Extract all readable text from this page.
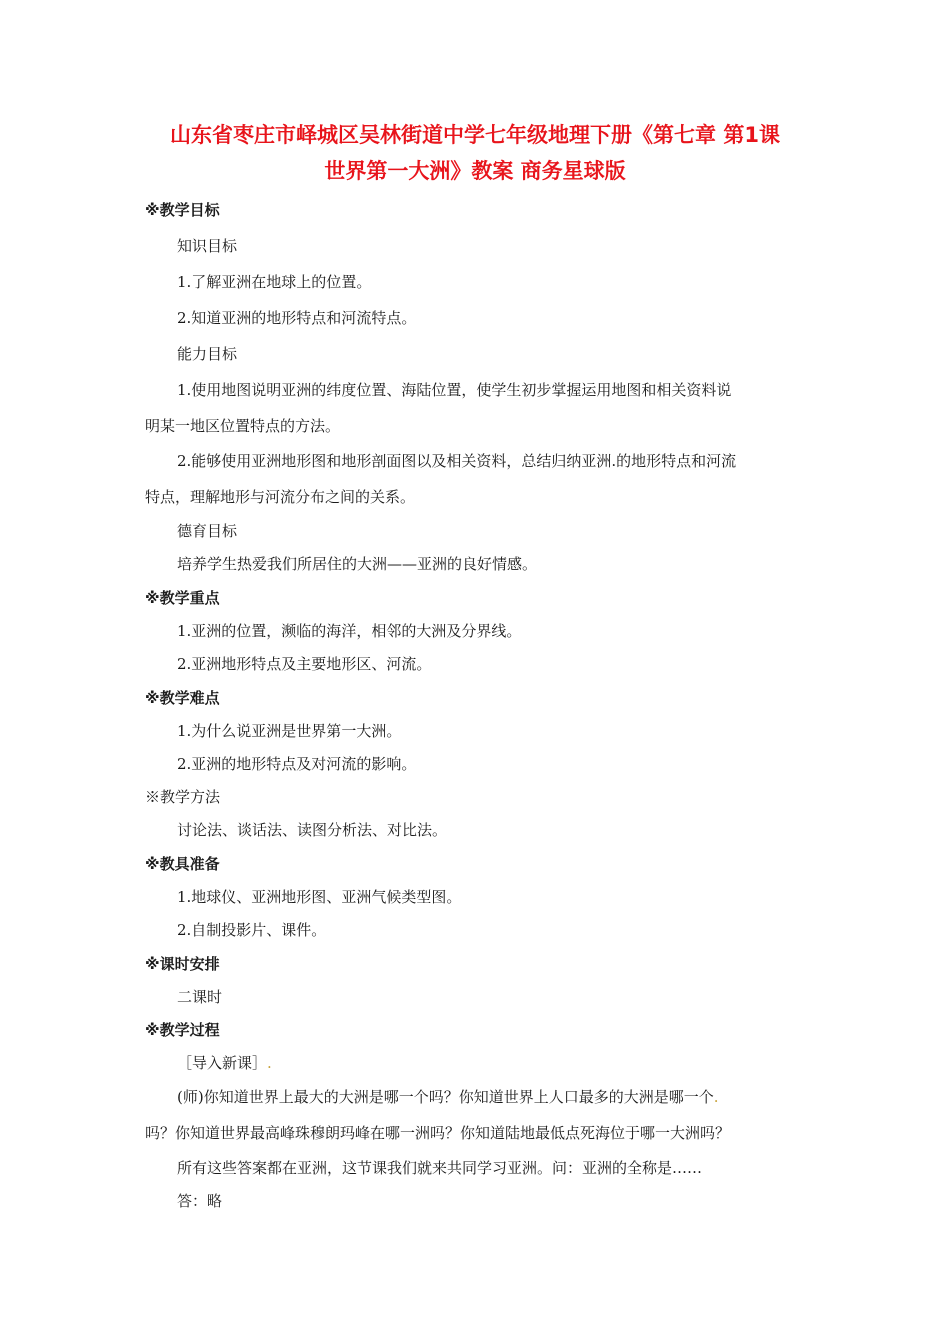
山东省枣庄市峄城区吴林街道中学七年级地理下册《第七章 第1课
世界第一大洲》教案 商务星球版
※教学目标
知识目标
1.了解亚洲在地球上的位置。
2.知道亚洲的地形特点和河流特点。
能力目标
1.使用地图说明亚洲的纬度位置、海陆位置，使学生初步掌握运用地图和相关资料说
明某一地区位置特点的方法。
2.能够使用亚洲地形图和地形剖面图以及相关资料，总结归纳亚洲.的地形特点和河流
特点，理解地形与河流分布之间的关系。
德育目标
培养学生热爱我们所居住的大洲——亚洲的良好情感。
※教学重点
1.亚洲的位置，濒临的海洋，相邻的大洲及分界线。
2.亚洲地形特点及主要地形区、河流。
※教学难点
1.为什么说亚洲是世界第一大洲。
2.亚洲的地形特点及对河流的影响。
※教学方法
讨论法、谈话法、读图分析法、对比法。
※教具准备
1.地球仪、亚洲地形图、亚洲气候类型图。
2.自制投影片、课件。
※课时安排
二课时
※教学过程
［导入新课］.
(师)你知道世界上最大的大洲是哪一个吗？你知道世界上人口最多的大洲是哪一个.
吗？你知道世界最高峰珠穆朗玛峰在哪一洲吗？你知道陆地最低点死海位于哪一大洲吗？
所有这些答案都在亚洲，这节课我们就来共同学习亚洲。问：亚洲的全称是……
答：略
